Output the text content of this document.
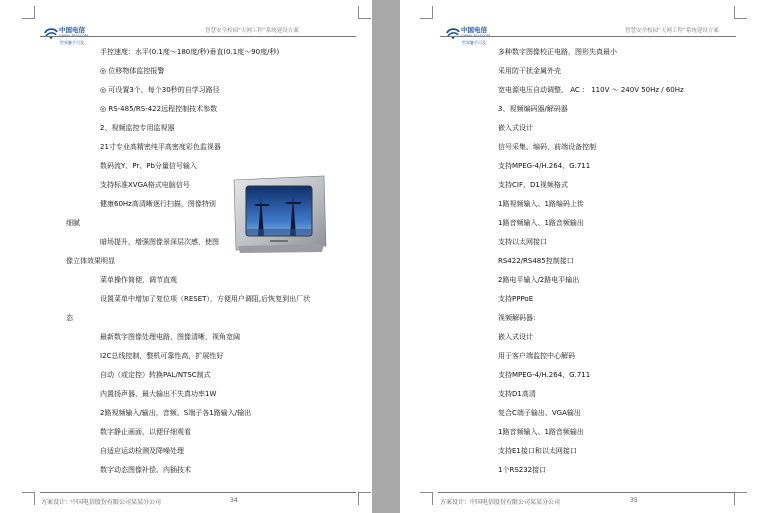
中国电信
CHINA TELECOM
世界触手可及
智慧安全校园“天网工程”系统建设方案
手控速度：水平(0.1度～180度/秒)垂直(0.1度～90度/秒)
◎ 位移物体监控报警
◎ 可设置3个，每个30秒的自学习路径
◎ RS-485/RS-422远程控制技术参数
2、视频监控专用监视器
21寸专业高精密纯平高密度彩色监视器
数码流Y、Pr、Pb分量信号输入
支持标准XVGA格式电脑信号
健康60Hz高清晰逐行扫描，图像特别
细腻
暗场提升，增强图像景深层次感，使图
像立体效果明显
菜单操作简便，调节直观
设置菜单中增加了复位项（RESET），方便用户调阻,后恢复到出厂状
态
最新数字图像处理电路，图像清晰，视角宽阔
I2C总线控制，整机可靠性高，扩展性好
自动（或定控）转换PAL/NTSC制式
内置扬声器，最大输出不失真功率1W
2路视频输入/输出，音频、S端子各1路输入/输出
数字静止画面，以便仔细观看
自适应运动检测及降噪处理
数字动态图像补偿、内插技术
方案设计：中国电信股份有限公司某某分公司	34
中国电信
CHINA TELECOM
世界触手可及
智慧安全校园“天网工程”系统建设方案
多种数字图像校正电路，图形失真最小
采用防干扰金属外壳
宽电源电压自动调整， AC ： 110V ～ 240V 50Hz / 60Hz
3、视频编码器/解码器
嵌入式设计
信号采集、编码、前端设备控制
支持MPEG-4/H.264、G.711
支持CIF、D1视频格式
1路视频输入、1路编码上传
1路音频输入、1路音频输出
支持以太网接口
RS422/RS485控制接口
2路电平输入/2路电平输出
支持PPPoE
视频解码器：
嵌入式设计
用于客户端监控中心解码
支持MPEG-4/H.264、G.711
支持D1高清
复合C端子输出、VGA输出
1路音频输入、1路音频输出
支持E1接口和以太网接口
1个RS232接口
方案设计：中国电信股份有限公司某某分公司	35
